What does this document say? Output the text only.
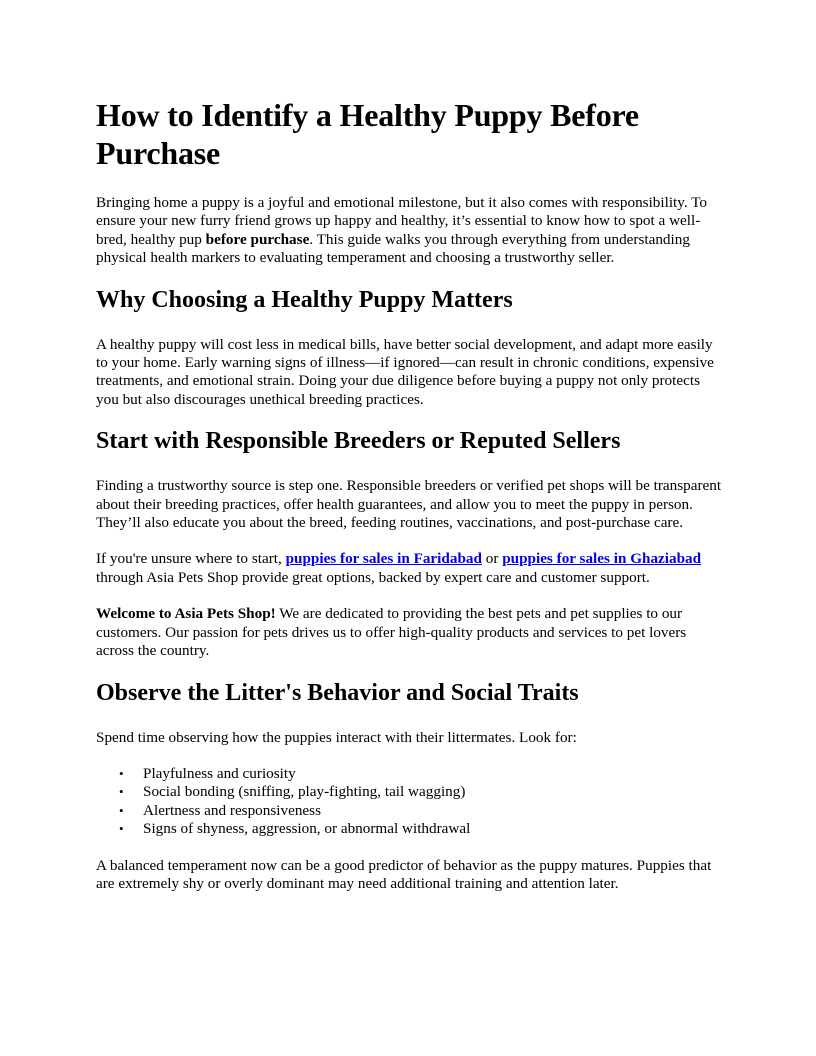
How to Identify a Healthy Puppy Before Purchase

Bringing home a puppy is a joyful and emotional milestone, but it also comes with responsibility. To ensure your new furry friend grows up happy and healthy, it’s essential to know how to spot a well-bred, healthy pup before purchase. This guide walks you through everything from understanding physical health markers to evaluating temperament and choosing a trustworthy seller.

Why Choosing a Healthy Puppy Matters

A healthy puppy will cost less in medical bills, have better social development, and adapt more easily to your home. Early warning signs of illness—if ignored—can result in chronic conditions, expensive treatments, and emotional strain. Doing your due diligence before buying a puppy not only protects you but also discourages unethical breeding practices.

Start with Responsible Breeders or Reputed Sellers

Finding a trustworthy source is step one. Responsible breeders or verified pet shops will be transparent about their breeding practices, offer health guarantees, and allow you to meet the puppy in person. They’ll also educate you about the breed, feeding routines, vaccinations, and post-purchase care.

If you're unsure where to start, puppies for sales in Faridabad or puppies for sales in Ghaziabad through Asia Pets Shop provide great options, backed by expert care and customer support.

Welcome to Asia Pets Shop! We are dedicated to providing the best pets and pet supplies to our customers. Our passion for pets drives us to offer high-quality products and services to pet lovers across the country.

Observe the Litter's Behavior and Social Traits

Spend time observing how the puppies interact with their littermates. Look for:

• Playfulness and curiosity
• Social bonding (sniffing, play-fighting, tail wagging)
• Alertness and responsiveness
• Signs of shyness, aggression, or abnormal withdrawal

A balanced temperament now can be a good predictor of behavior as the puppy matures. Puppies that are extremely shy or overly dominant may need additional training and attention later.
